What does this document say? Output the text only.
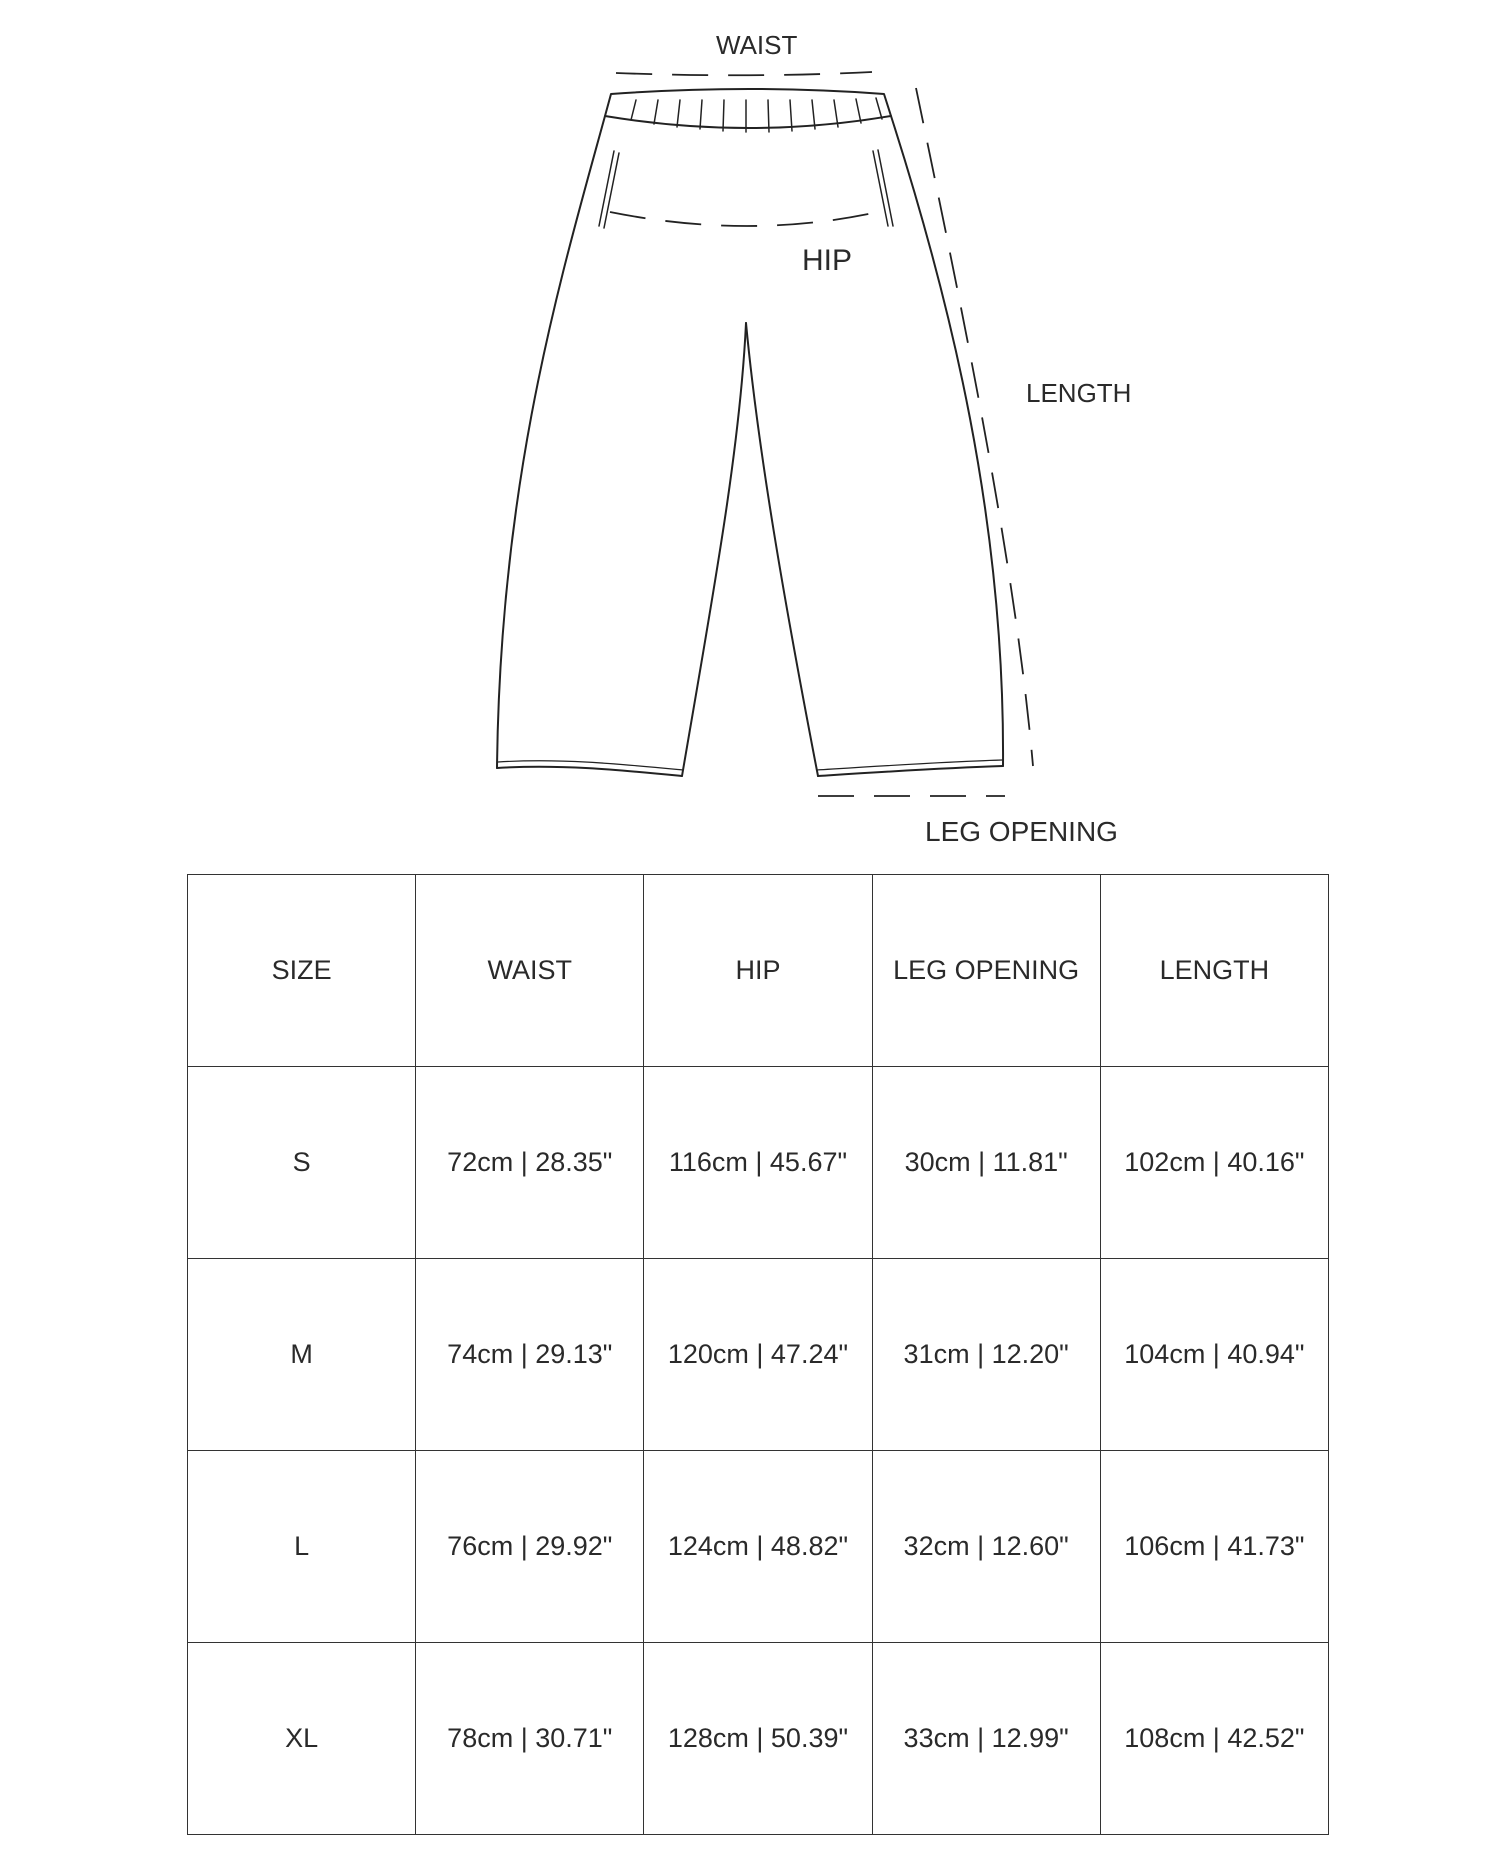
WAIST
HIP
LENGTH
LEG OPENING
SIZE	WAIST	HIP	LEG OPENING	LENGTH
S	72cm | 28.35"	116cm | 45.67"	30cm | 11.81"	102cm | 40.16"
M	74cm | 29.13"	120cm | 47.24"	31cm | 12.20"	104cm | 40.94"
L	76cm | 29.92"	124cm | 48.82"	32cm | 12.60"	106cm | 41.73"
XL	78cm | 30.71"	128cm | 50.39"	33cm | 12.99"	108cm | 42.52"
